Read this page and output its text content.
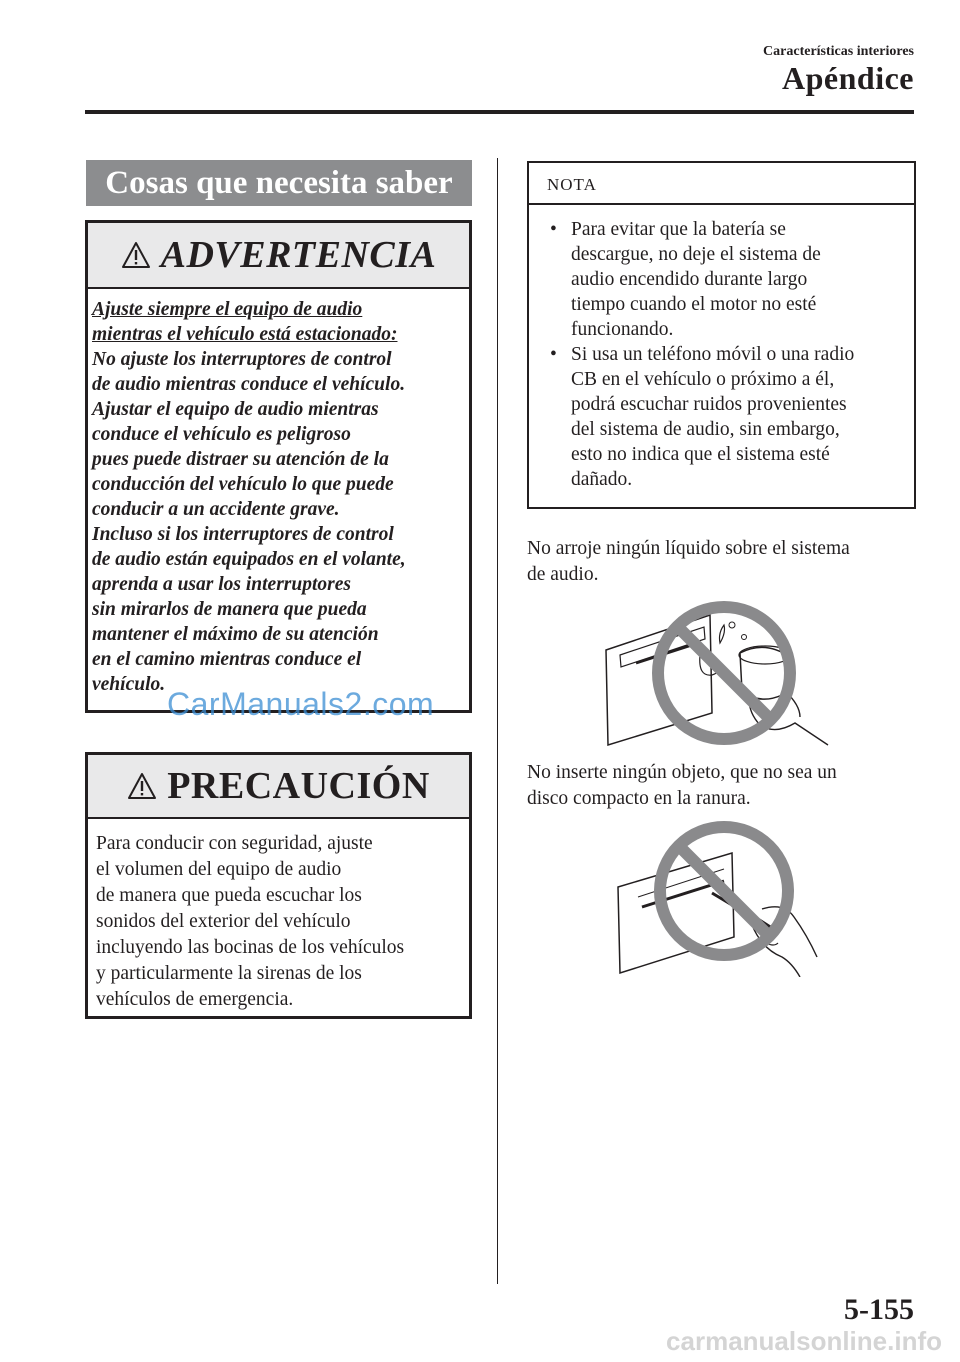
Características interiores
Apéndice
Cosas que necesita saber
ADVERTENCIA
Ajuste siempre el equipo de audio
mientras el vehículo está estacionado:
No ajuste los interruptores de control
de audio mientras conduce el vehículo.
Ajustar el equipo de audio mientras
conduce el vehículo es peligroso
pues puede distraer su atención de la
conducción del vehículo lo que puede
conducir a un accidente grave.
Incluso si los interruptores de control
de audio están equipados en el volante,
aprenda a usar los interruptores
sin mirarlos de manera que pueda
mantener el máximo de su atención
en el camino mientras conduce el
vehículo.
CarManuals2.com
PRECAUCIÓN
Para conducir con seguridad, ajuste
el volumen del equipo de audio
de manera que pueda escuchar los
sonidos del exterior del vehículo
incluyendo las bocinas de los vehículos
y particularmente la sirenas de los
vehículos de emergencia.
NOTA
• Para evitar que la batería se
descargue, no deje el sistema de
audio encendido durante largo
tiempo cuando el motor no esté
funcionando.
• Si usa un teléfono móvil o una radio
CB en el vehículo o próximo a él,
podrá escuchar ruidos provenientes
del sistema de audio, sin embargo,
esto no indica que el sistema esté
dañado.
No arroje ningún líquido sobre el sistema
de audio.
No inserte ningún objeto, que no sea un
disco compacto en la ranura.
5-155
carmanualsonline.info
